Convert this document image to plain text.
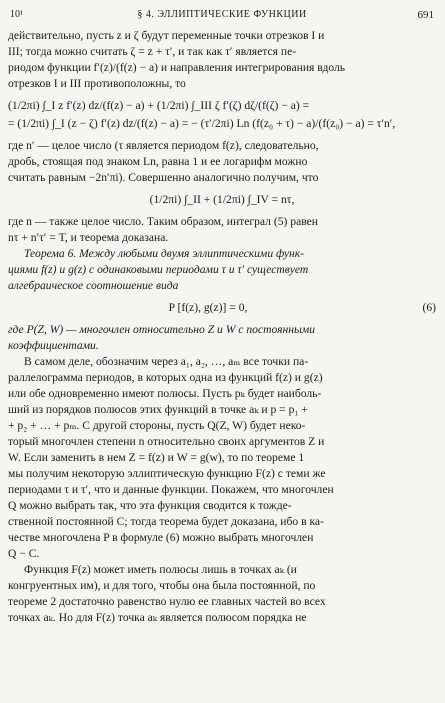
10¹	§ 4. ЭЛЛИПТИЧЕСКИЕ ФУНКЦИИ	691

действительно, пусть z и ζ будут переменные точки отрезков I и

III; тогда можно считать ζ = z + τ′, и так как τ′ является пе-

риодом функции f′(z)/(f(z) − a) и направления интегрирования вдоль

отрезков I и III противоположны, то

(1/2πi) ∫_I z f′(z) dz/(f(z) − a) + (1/2πi) ∫_III ζ f′(ζ) dζ/(f(ζ) − a) =
= (1/2πi) ∫_I (z − ζ) f′(z) dz/(f(z) − a) = − (τ′/2πi) Ln (f(z₀ + τ) − a)/(f(z₀) − a) = τ′n′,

где n′ — целое число (τ является периодом f(z), следовательно,

дробь, стоящая под знаком Ln, равна 1 и ее логарифм можно

считать равным −2n′πi). Совершенно аналогично получим, что

(1/2πi) ∫_II + (1/2πi) ∫_IV = nτ,

где n — также целое число. Таким образом, интеграл (5) равен

nτ + n′τ′ = T, и теорема доказана.

Теорема 6. Между любыми двумя эллиптическими функ-

циями f(z) и g(z) с одинаковыми периодами τ и τ′ существует

алгебраическое соотношение вида

P [f(z), g(z)] = 0,	(6)

где P(Z, W) — многочлен относительно Z и W с постоянными

коэффициентами.

В самом деле, обозначим через a₁, a₂, …, aₘ все точки па-

раллелограмма периодов, в которых одна из функций f(z) и g(z)

или обе одновременно имеют полюсы. Пусть pₖ будет наиболь-

ший из порядков полюсов этих функций в точке aₖ и p = p₁ +

+ p₂ + … + pₘ. С другой стороны, пусть Q(Z, W) будет неко-

торый многочлен степени n относительно своих аргументов Z и

W. Если заменить в нем Z = f(z) и W = g(w), то по теореме 1

мы получим некоторую эллиптическую функцию F(z) с теми же

периодами τ и τ′, что и данные функции. Покажем, что многочлен

Q можно выбрать так, что эта функция сводится к тожде-

ственной постоянной C; тогда теорема будет доказана, ибо в ка-

честве многочлена P в формуле (6) можно выбрать многочлен

Q − C.

Функция F(z) может иметь полюсы лишь в точках aₖ (и

конгруентных им), и для того, чтобы она была постоянной, по

теореме 2 достаточно равенство нулю ее главных частей во всех

точках aₖ. Но для F(z) точка aₖ является полюсом порядка не
